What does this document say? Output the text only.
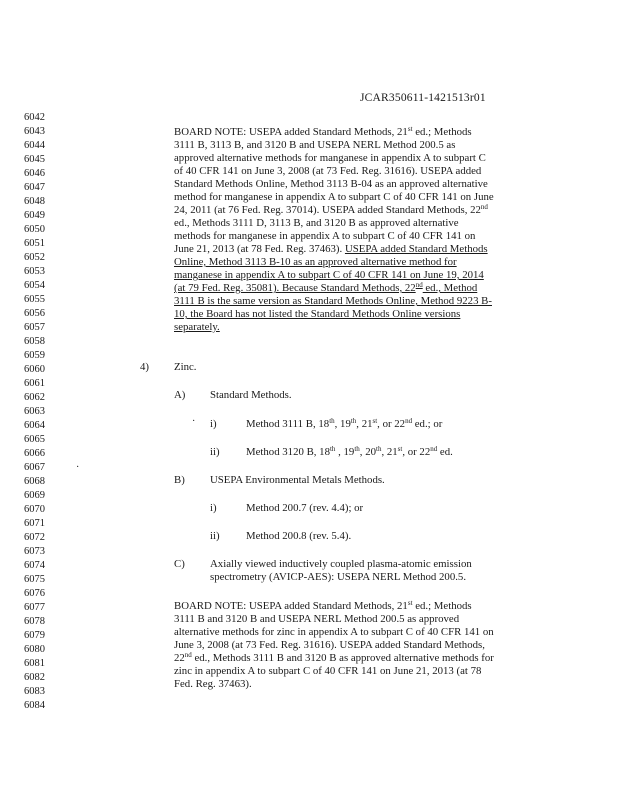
JCAR350611-1421513r01
6042
6043
6044
6045
6046
6047
6048
6049
6050
6051
6052
6053
6054
6055
6056
6057
6058
6059
6060
6061
6062
6063
6064
6065
6066
6067
6068
6069
6070
6071
6072
6073
6074
6075
6076
6077
6078
6079
6080
6081
6082
6083
6084
BOARD NOTE: USEPA added Standard Methods, 21st ed.; Methods
3111 B, 3113 B, and 3120 B and USEPA NERL Method 200.5 as
approved alternative methods for manganese in appendix A to subpart C
of 40 CFR 141 on June 3, 2008 (at 73 Fed. Reg. 31616). USEPA added
Standard Methods Online, Method 3113 B-04 as an approved alternative
method for manganese in appendix A to subpart C of 40 CFR 141 on June
24, 2011 (at 76 Fed. Reg. 37014). USEPA added Standard Methods, 22nd
ed., Methods 3111 D, 3113 B, and 3120 B as approved alternative
methods for manganese in appendix A to subpart C of 40 CFR 141 on
June 21, 2013 (at 78 Fed. Reg. 37463). USEPA added Standard Methods
Online, Method 3113 B-10 as an approved alternative method for
manganese in appendix A to subpart C of 40 CFR 141 on June 19, 2014
(at 79 Fed. Reg. 35081). Because Standard Methods, 22nd ed., Method
3111 B is the same version as Standard Methods Online, Method 9223 B-
10, the Board has not listed the Standard Methods Online versions
separately.
4) Zinc.
A) Standard Methods.
· i)	Method 3111 B, 18th, 19th, 21st, or 22nd ed.; or
ii) Method 3120 B, 18th , 19th, 20th, 21st, or 22nd ed.
·
B) USEPA Environmental Metals Methods.
i)	Method 200.7 (rev. 4.4); or
ii) Method 200.8 (rev. 5.4).
C) Axially viewed inductively coupled plasma-atomic emission
spectrometry (AVICP-AES): USEPA NERL Method 200.5.
BOARD NOTE: USEPA added Standard Methods, 21st ed.; Methods
3111 B and 3120 B and USEPA NERL Method 200.5 as approved
alternative methods for zinc in appendix A to subpart C of 40 CFR 141 on
June 3, 2008 (at 73 Fed. Reg. 31616). USEPA added Standard Methods,
22nd ed., Methods 3111 B and 3120 B as approved alternative methods for
zinc in appendix A to subpart C of 40 CFR 141 on June 21, 2013 (at 78
Fed. Reg. 37463).
